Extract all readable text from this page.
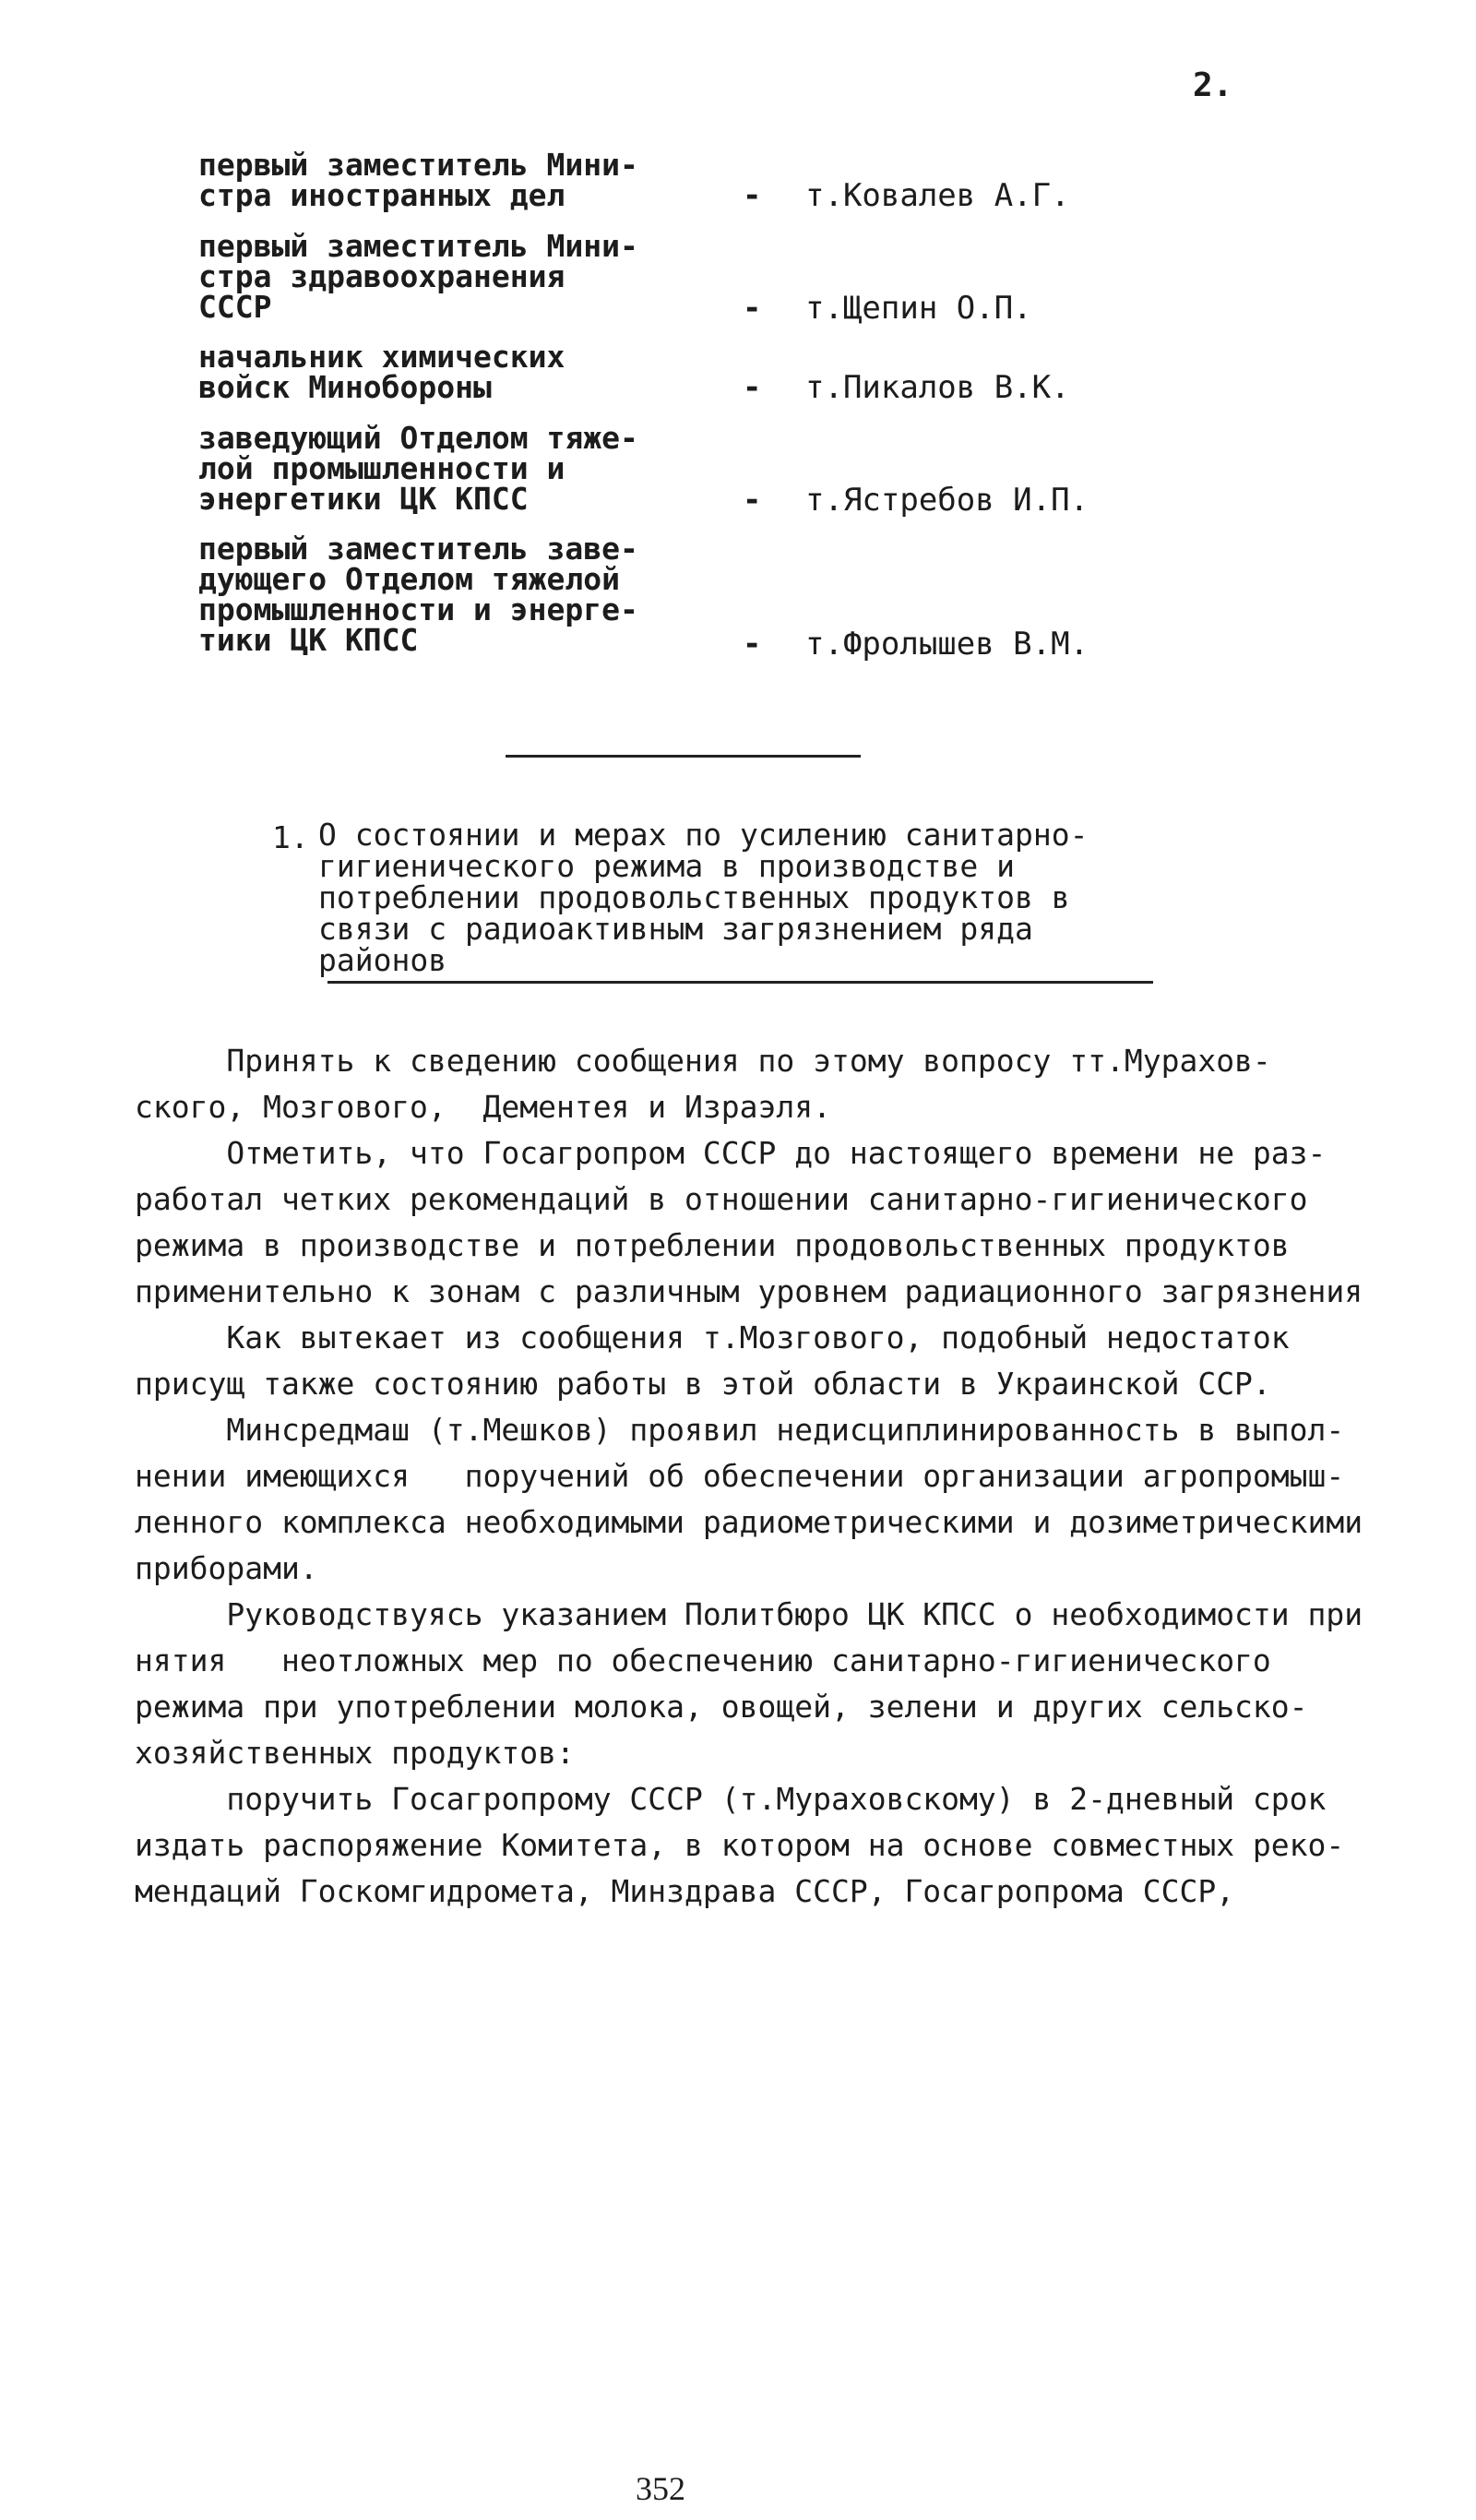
2.
первый заместитель Мини-
стра иностранных дел	- т.Ковалев А.Г.
первый заместитель Мини-
стра здравоохранения
СССР	- т.Щепин О.П.
начальник химических
войск Минобороны	- т.Пикалов В.К.
заведующий Отделом тяже-
лой промышленности и
энергетики ЦК КПСС	- т.Ястребов И.П.
первый заместитель заве-
дующего Отделом тяжелой
промышленности и энерге-
тики ЦК КПСС	- т.Фролышев В.М.
1. О состоянии и мерах по усилению санитарно-
гигиенического режима в производстве и
потреблении продовольственных продуктов в
связи с радиоактивным загрязнением ряда
районов
Принять к сведению сообщения по этому вопросу тт.Мурахов-
ского, Мозгового,  Дементея и Израэля.
Отметить, что Госагропром СССР до настоящего времени не раз-
работал четких рекомендаций в отношении санитарно-гигиенического
режима в производстве и потреблении продовольственных продуктов
применительно к зонам с различным уровнем радиационного загрязнения
Как вытекает из сообщения т.Мозгового, подобный недостаток
присущ также состоянию работы в этой области в Украинской ССР.
Минсредмаш (т.Мешков) проявил недисциплинированность в выпол-
нении имеющихся   поручений об обеспечении организации агропромыш-
ленного комплекса необходимыми радиометрическими и дозиметрическими
приборами.
Руководствуясь указанием Политбюро ЦК КПСС о необходимости при
нятия   неотложных мер по обеспечению санитарно-гигиенического
режима при употреблении молока, овощей, зелени и других сельско-
хозяйственных продуктов:
поручить Госагропрому СССР (т.Мураховскому) в 2-дневный срок
издать распоряжение Комитета, в котором на основе совместных реко-
мендаций Госкомгидромета, Минздрава СССР, Госагропрома СССР,
352
